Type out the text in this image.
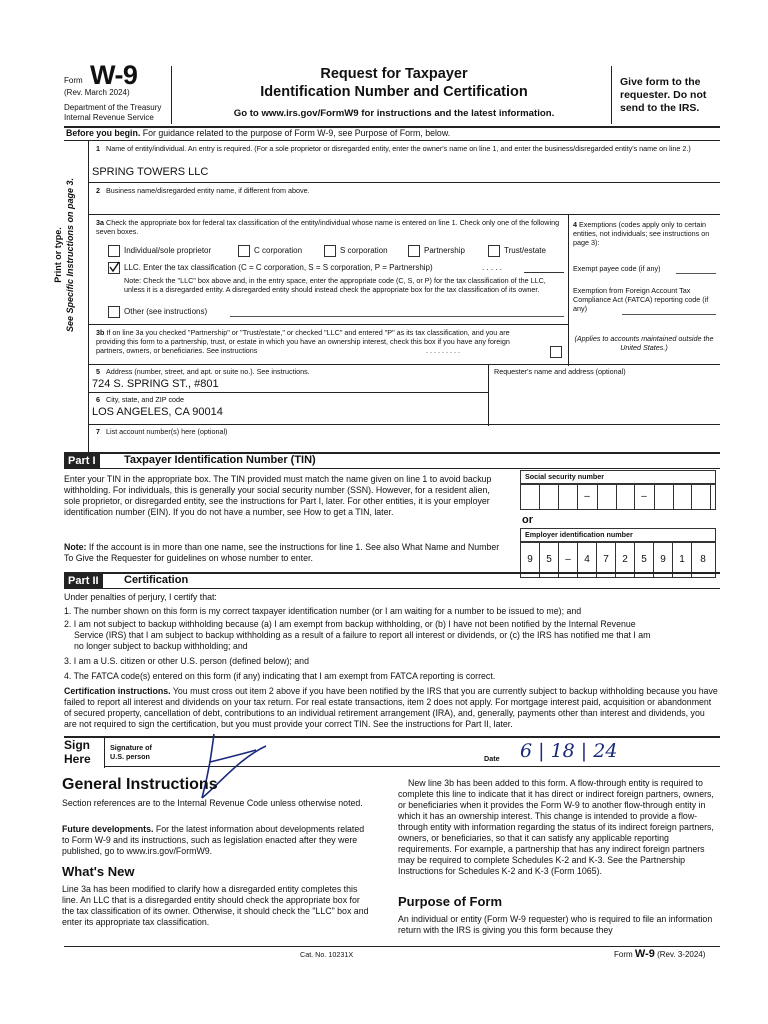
Form W-9
(Rev. March 2024)
Department of the Treasury
Internal Revenue Service
Request for Taxpayer
Identification Number and Certification
Go to www.irs.gov/FormW9 for instructions and the latest information.
Give form to the requester. Do not send to the IRS.
Before you begin. For guidance related to the purpose of Form W-9, see Purpose of Form, below.
Print or type. See Specific Instructions on page 3.
1 Name of entity/individual. An entry is required. (For a sole proprietor or disregarded entity, enter the owner's name on line 1, and enter the business/disregarded entity's name on line 2.)
SPRING TOWERS LLC
2 Business name/disregarded entity name, if different from above.
3a Check the appropriate box for federal tax classification of the entity/individual whose name is entered on line 1. Check only one of the following seven boxes.
Individual/sole proprietor	C corporation	S corporation	Partnership	Trust/estate
LLC. Enter the tax classification (C = C corporation, S = S corporation, P = Partnership)	. . . . .
Note: Check the "LLC" box above and, in the entry space, enter the appropriate code (C, S, or P) for the tax classification of the LLC, unless it is a disregarded entity. A disregarded entity should instead check the appropriate box for the tax classification of its owner.
Other (see instructions)
4 Exemptions (codes apply only to certain entities, not individuals; see instructions on page 3):
Exempt payee code (if any)
Exemption from Foreign Account Tax Compliance Act (FATCA) reporting code (if any)
3b If on line 3a you checked "Partnership" or "Trust/estate," or checked "LLC" and entered "P" as its tax classification, and you are providing this form to a partnership, trust, or estate in which you have an ownership interest, check this box if you have any foreign partners, owners, or beneficiaries. See instructions	. . . . . . . . .
(Applies to accounts maintained outside the United States.)
5 Address (number, street, and apt. or suite no.). See instructions.
724 S. SPRING ST., #801
Requester's name and address (optional)
6 City, state, and ZIP code
LOS ANGELES, CA 90014
7 List account number(s) here (optional)
Part I	Taxpayer Identification Number (TIN)
Enter your TIN in the appropriate box. The TIN provided must match the name given on line 1 to avoid backup withholding. For individuals, this is generally your social security number (SSN). However, for a resident alien, sole proprietor, or disregarded entity, see the instructions for Part I, later. For other entities, it is your employer identification number (EIN). If you do not have a number, see How to get a TIN, later.
Note: If the account is in more than one name, see the instructions for line 1. See also What Name and Number To Give the Requester for guidelines on whose number to enter.
Social security number
–	–
or
Employer identification number
9	5	–	4	7	2	5	9	1	8
Part II	Certification
Under penalties of perjury, I certify that:
1. The number shown on this form is my correct taxpayer identification number (or I am waiting for a number to be issued to me); and
2. I am not subject to backup withholding because (a) I am exempt from backup withholding, or (b) I have not been notified by the Internal Revenue
Service (IRS) that I am subject to backup withholding as a result of a failure to report all interest or dividends, or (c) the IRS has notified me that I am
no longer subject to backup withholding; and
3. I am a U.S. citizen or other U.S. person (defined below); and
4. The FATCA code(s) entered on this form (if any) indicating that I am exempt from FATCA reporting is correct.
Certification instructions. You must cross out item 2 above if you have been notified by the IRS that you are currently subject to backup withholding because you have failed to report all interest and dividends on your tax return. For real estate transactions, item 2 does not apply. For mortgage interest paid, acquisition or abandonment of secured property, cancellation of debt, contributions to an individual retirement arrangement (IRA), and, generally, payments other than interest and dividends, you are not required to sign the certification, but you must provide your correct TIN. See the instructions for Part II, later.
Sign
Here
Signature of
U.S. person	Date 6 | 18 | 24
General Instructions
Section references are to the Internal Revenue Code unless otherwise noted.
Future developments. For the latest information about developments related to Form W-9 and its instructions, such as legislation enacted after they were published, go to www.irs.gov/FormW9.
What's New
Line 3a has been modified to clarify how a disregarded entity completes this line. An LLC that is a disregarded entity should check the appropriate box for the tax classification of its owner. Otherwise, it should check the "LLC" box and enter its appropriate tax classification.
New line 3b has been added to this form. A flow-through entity is required to complete this line to indicate that it has direct or indirect foreign partners, owners, or beneficiaries when it provides the Form W-9 to another flow-through entity in which it has an ownership interest. This change is intended to provide a flow-through entity with information regarding the status of its indirect foreign partners, owners, or beneficiaries, so that it can satisfy any applicable reporting requirements. For example, a partnership that has any indirect foreign partners may be required to complete Schedules K-2 and K-3. See the Partnership Instructions for Schedules K-2 and K-3 (Form 1065).
Purpose of Form
An individual or entity (Form W-9 requester) who is required to file an information return with the IRS is giving you this form because they
Cat. No. 10231X	Form W-9 (Rev. 3-2024)
